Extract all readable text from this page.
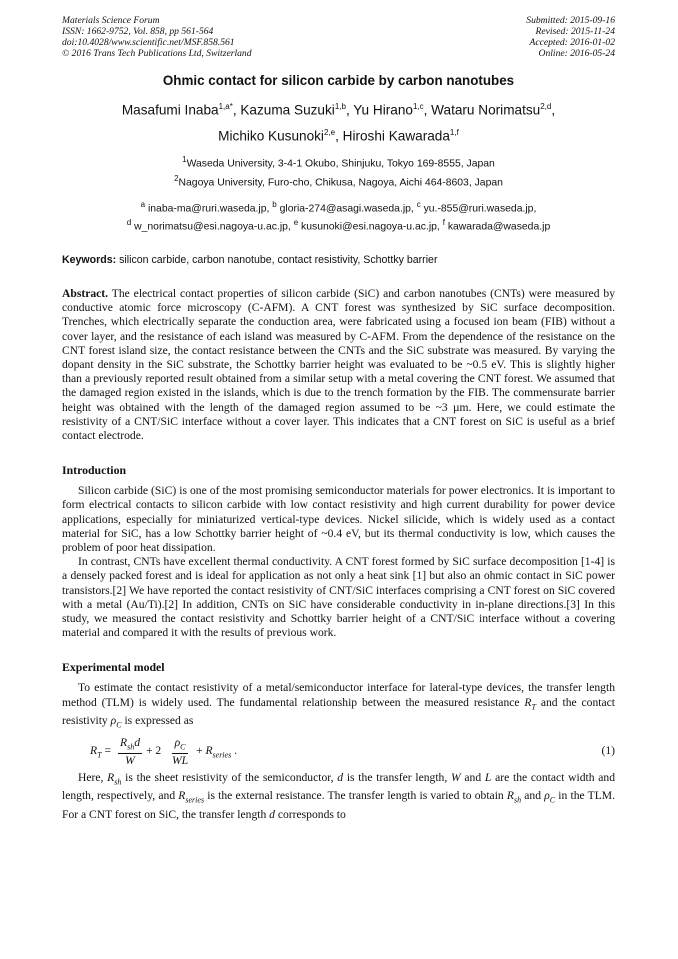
Materials Science Forum
ISSN: 1662-9752, Vol. 858, pp 561-564
doi:10.4028/www.scientific.net/MSF.858.561
© 2016 Trans Tech Publications Ltd, Switzerland
Submitted: 2015-09-16
Revised: 2015-11-24
Accepted: 2016-01-02
Online: 2016-05-24
Ohmic contact for silicon carbide by carbon nanotubes
Masafumi Inaba$^{1,a*}$, Kazuma Suzuki$^{1,b}$, Yu Hirano$^{1,c}$, Wataru Norimatsu$^{2,d}$,
Michiko Kusunoki$^{2,e}$, Hiroshi Kawarada$^{1,f}$
$^1$Waseda University, 3-4-1 Okubo, Shinjuku, Tokyo 169-8555, Japan
$^2$Nagoya University, Furo-cho, Chikusa, Nagoya, Aichi 464-8603, Japan
$^a$ inaba-ma@ruri.waseda.jp, $^b$ gloria-274@asagi.waseda.jp, $^c$ yu.-855@ruri.waseda.jp,
$^d$ w_norimatsu@esi.nagoya-u.ac.jp, $^e$ kusunoki@esi.nagoya-u.ac.jp, $^f$ kawarada@waseda.jp
Keywords: silicon carbide, carbon nanotube, contact resistivity, Schottky barrier
Abstract. The electrical contact properties of silicon carbide (SiC) and carbon nanotubes (CNTs) were measured by conductive atomic force microscopy (C-AFM). A CNT forest was synthesized by SiC surface decomposition. Trenches, which electrically separate the conduction area, were fabricated using a focused ion beam (FIB) without a cover layer, and the resistance of each island was measured by C-AFM. From the dependence of the resistance on the CNT forest island size, the contact resistance between the CNTs and the SiC substrate was measured. By varying the dopant density in the SiC substrate, the Schottky barrier height was evaluated to be ~0.5 eV. This is slightly higher than a previously reported result obtained from a similar setup with a metal covering the CNT forest. We assumed that the damaged region existed in the islands, which is due to the trench formation by the FIB. The commensurate barrier height was obtained with the length of the damaged region assumed to be ~3 µm. Here, we could estimate the resistivity of a CNT/SiC interface without a cover layer. This indicates that a CNT forest on SiC is useful as a brief contact electrode.
Introduction

Silicon carbide (SiC) is one of the most promising semiconductor materials for power electronics. It is important to form electrical contacts to silicon carbide with low contact resistivity and high current durability for power device applications, especially for miniaturized vertical-type devices. Nickel silicide, which is widely used as a contact material for SiC, has a low Schottky barrier height of ~0.4 eV, but its thermal conductivity is low, which causes the problem of poor heat dissipation.

In contrast, CNTs have excellent thermal conductivity. A CNT forest formed by SiC surface decomposition [1-4] is a densely packed forest and is ideal for application as not only a heat sink [1] but also an ohmic contact in SiC power transistors.[2] We have reported the contact resistivity of CNT/SiC interfaces comprising a CNT forest on SiC covered with a metal (Au/Ti).[2] In addition, CNTs on SiC have considerable conductivity in in-plane directions.[3] In this study, we measured the contact resistivity and Schottky barrier height of a CNT/SiC interface without a covering material and compared it with the results of previous work.

Experimental model

To estimate the contact resistivity of a metal/semiconductor interface for lateral-type devices, the transfer length method (TLM) is widely used. The fundamental relationship between the measured resistance $R_T$ and the contact resistivity $\rho_C$ is expressed as

$R_T$ =
$R_{sh}d$
W
+ $2 \frac{\rho_C}{WL} + R_{series}$ .	(1)

Here, $R_{sh}$ is the sheet resistivity of the semiconductor, d is the transfer length, W and L are the contact width and length, respectively, and $R_{series}$ is the external resistance. The transfer length is varied to obtain $R_{sh}$ and $\rho_C$ in the TLM. For a CNT forest on SiC, the transfer length d corresponds to
